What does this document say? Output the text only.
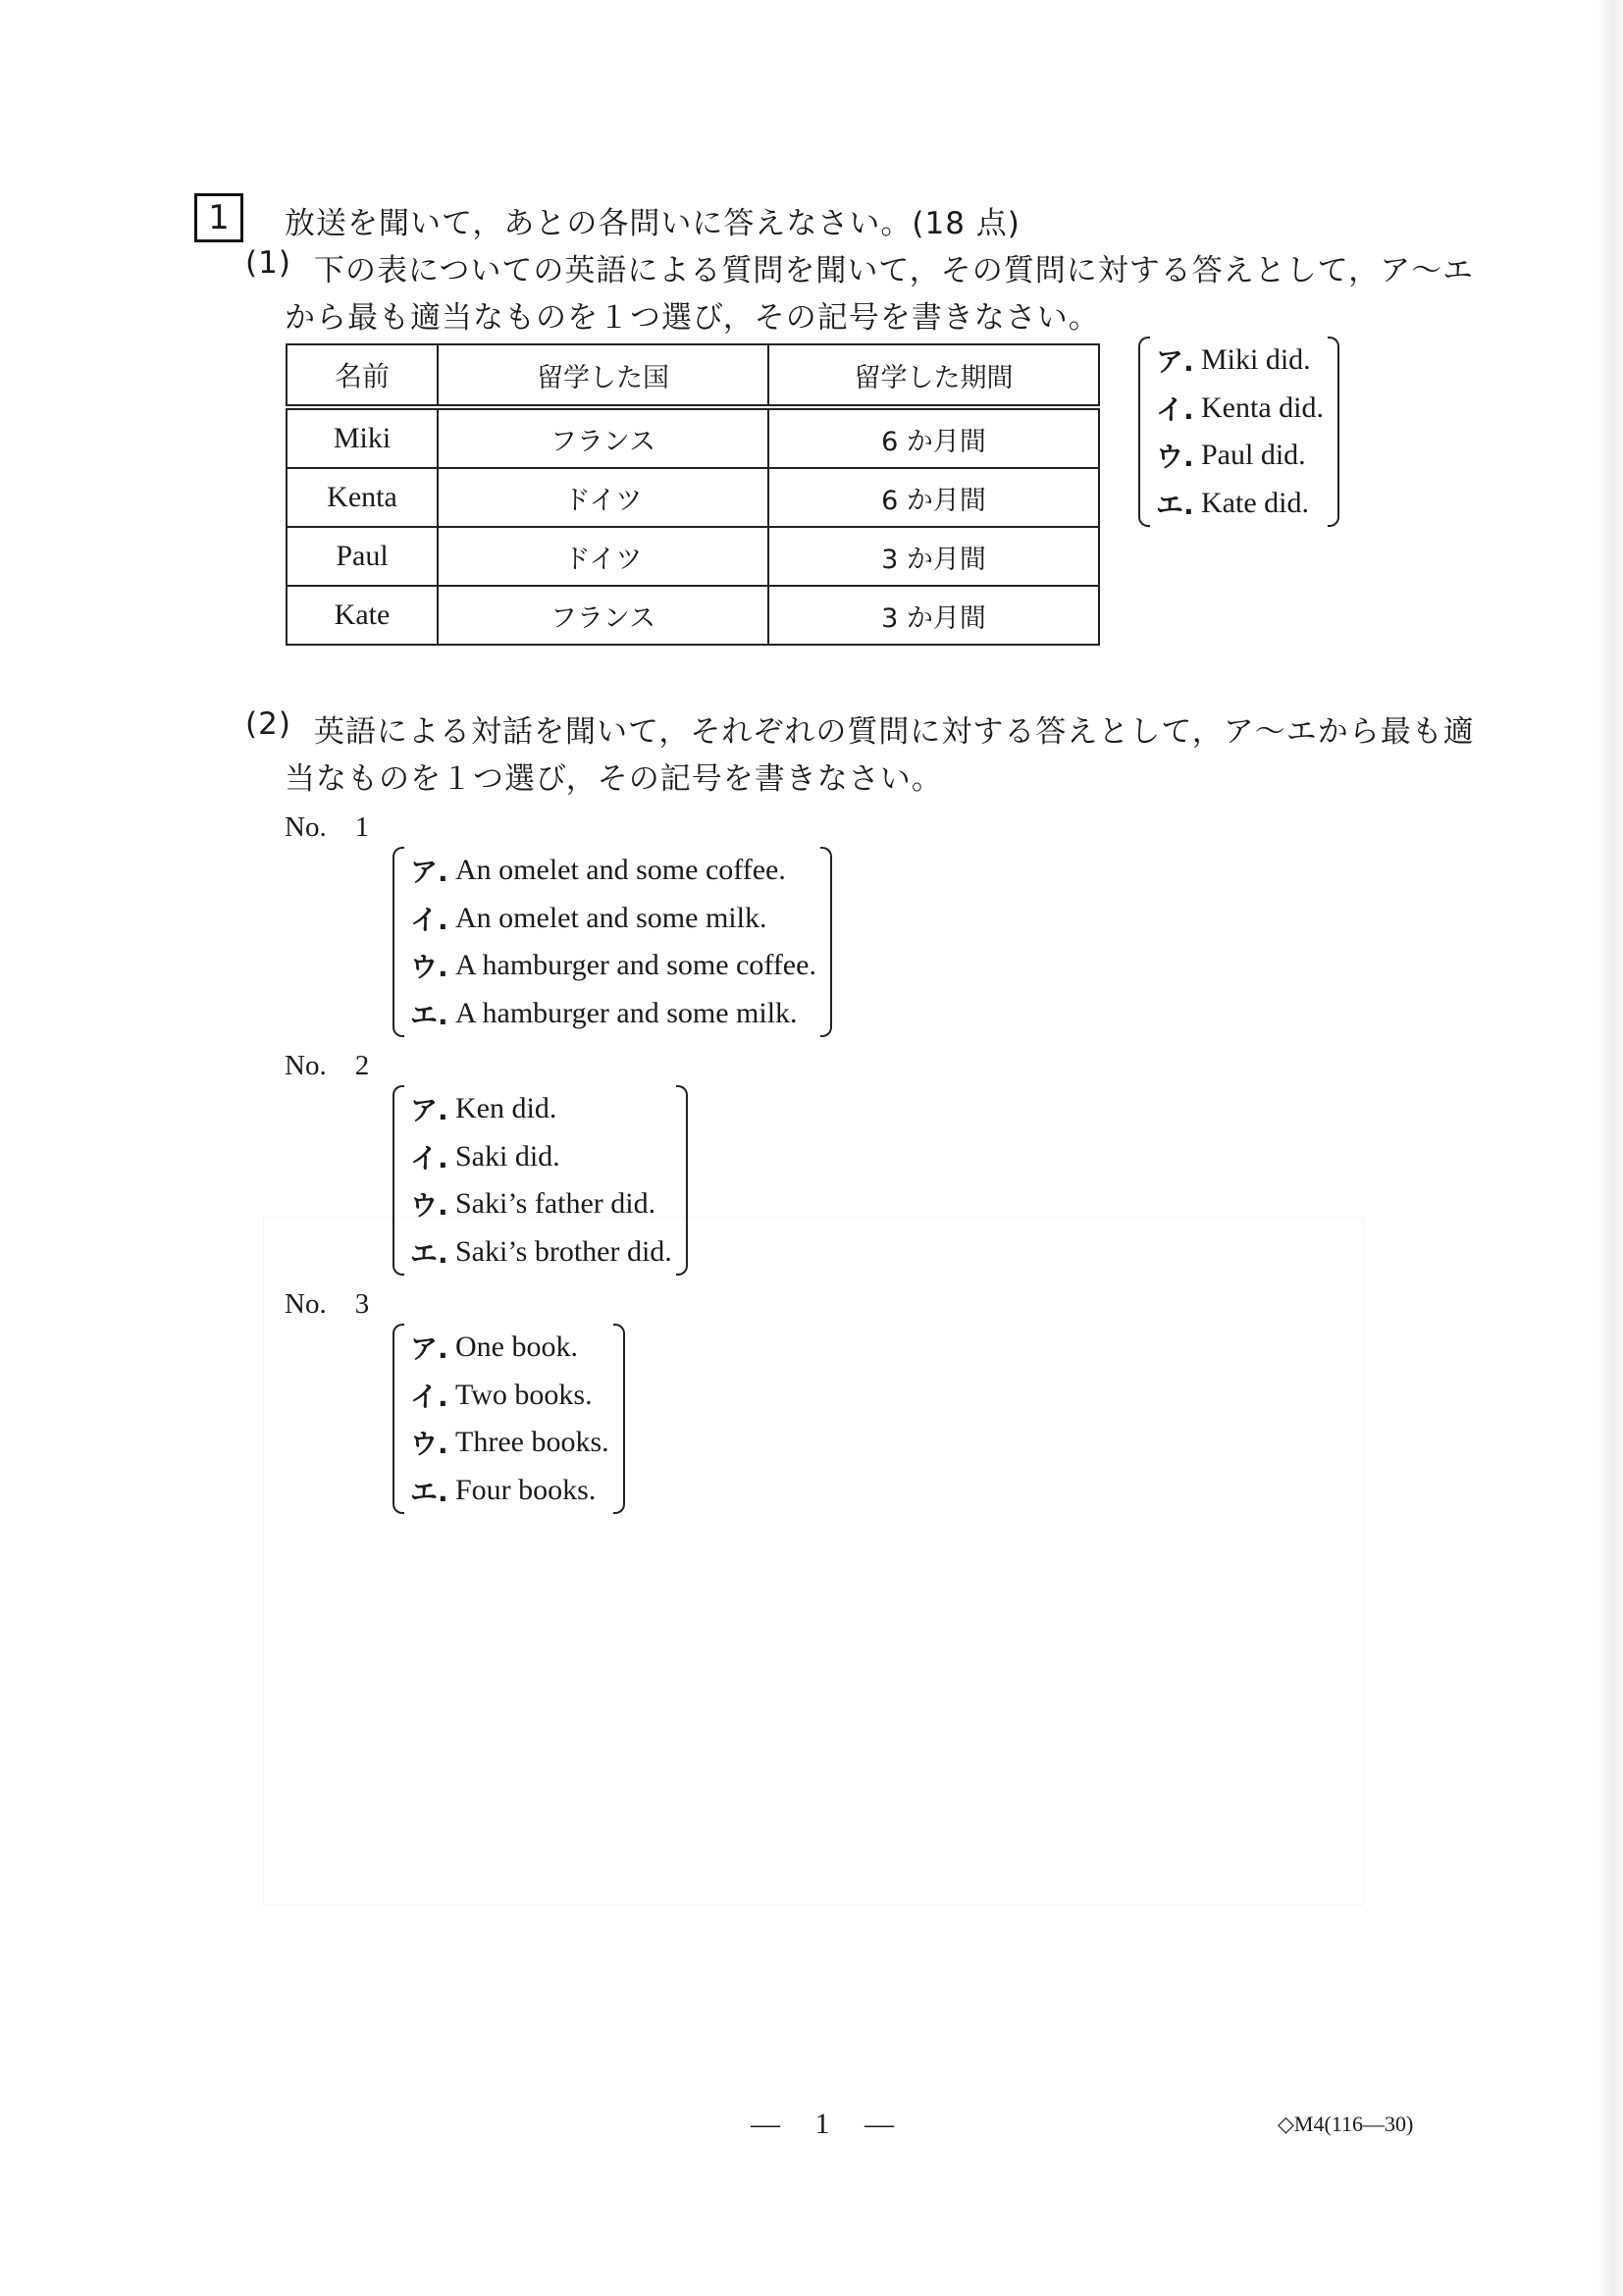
1 放送を聞いて，あとの各問いに答えなさい。(18 点)
(1) 下の表についての英語による質問を聞いて，その質問に対する答えとして，ア～エ
から最も適当なものを１つ選び，その記号を書きなさい。
名前	留学した国	留学した期間
Miki	フランス	6 か月間
Kenta	ドイツ	6 か月間
Paul	ドイツ	3 か月間
Kate	フランス	3 か月間
ア. Miki did.
イ. Kenta did.
ウ. Paul did.
エ. Kate did.
(2) 英語による対話を聞いて，それぞれの質問に対する答えとして，ア～エから最も適
当なものを１つ選び，その記号を書きなさい。
No.　1
ア. An omelet and some coffee.
イ. An omelet and some milk.
ウ. A hamburger and some coffee.
エ. A hamburger and some milk.
No.　2
ア. Ken did.
イ. Saki did.
ウ. Saki’s father did.
エ. Saki’s brother did.
No.　3
ア. One book.
イ. Two books.
ウ. Three books.
エ. Four books.
— 1 —	◇M4(116—30)
